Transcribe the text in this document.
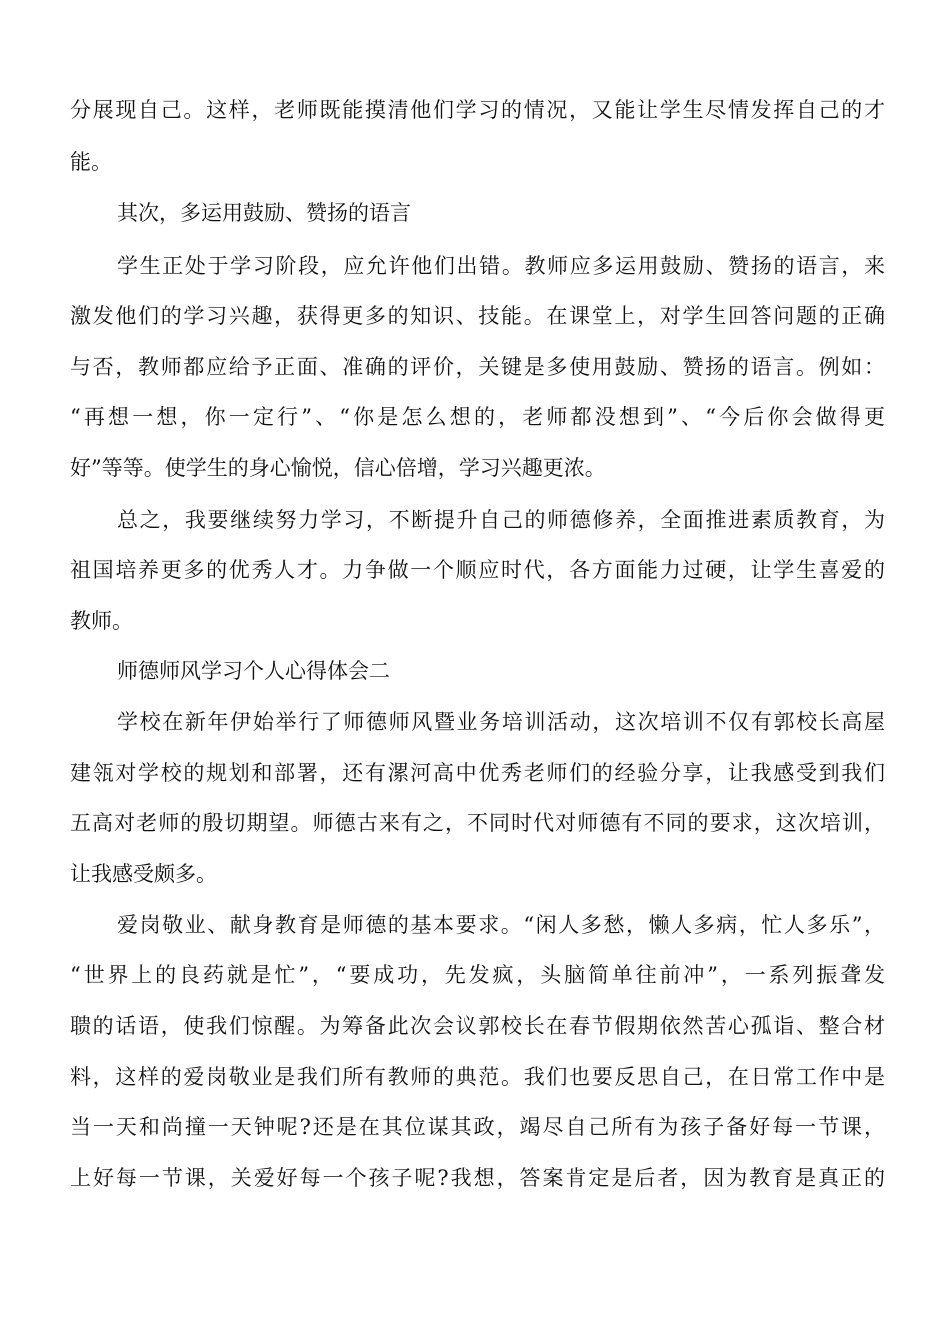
分展现自己。这样，老师既能摸清他们学习的情况，又能让学生尽情发挥自己的才
能。
其次，多运用鼓励、赞扬的语言
学生正处于学习阶段，应允许他们出错。教师应多运用鼓励、赞扬的语言，来
激发他们的学习兴趣，获得更多的知识、技能。在课堂上，对学生回答问题的正确
与否，教师都应给予正面、准确的评价，关键是多使用鼓励、赞扬的语言。例如：
“再想一想，你一定行”、“你是怎么想的，老师都没想到”、“今后你会做得更
好”等等。使学生的身心愉悦，信心倍增，学习兴趣更浓。
总之，我要继续努力学习，不断提升自己的师德修养，全面推进素质教育，为
祖国培养更多的优秀人才。力争做一个顺应时代，各方面能力过硬，让学生喜爱的
教师。
师德师风学习个人心得体会二
学校在新年伊始举行了师德师风暨业务培训活动，这次培训不仅有郭校长高屋
建瓴对学校的规划和部署，还有漯河高中优秀老师们的经验分享，让我感受到我们
五高对老师的殷切期望。师德古来有之，不同时代对师德有不同的要求，这次培训，
让我感受颇多。
爱岗敬业、献身教育是师德的基本要求。“闲人多愁，懒人多病，忙人多乐”，
“世界上的良药就是忙”，“要成功，先发疯，头脑简单往前冲”，一系列振聋发
聩的话语，使我们惊醒。为筹备此次会议郭校长在春节假期依然苦心孤诣、整合材
料，这样的爱岗敬业是我们所有教师的典范。我们也要反思自己，在日常工作中是
当一天和尚撞一天钟呢?还是在其位谋其政，竭尽自己所有为孩子备好每一节课，
上好每一节课，关爱好每一个孩子呢?我想，答案肯定是后者，因为教育是真正的
